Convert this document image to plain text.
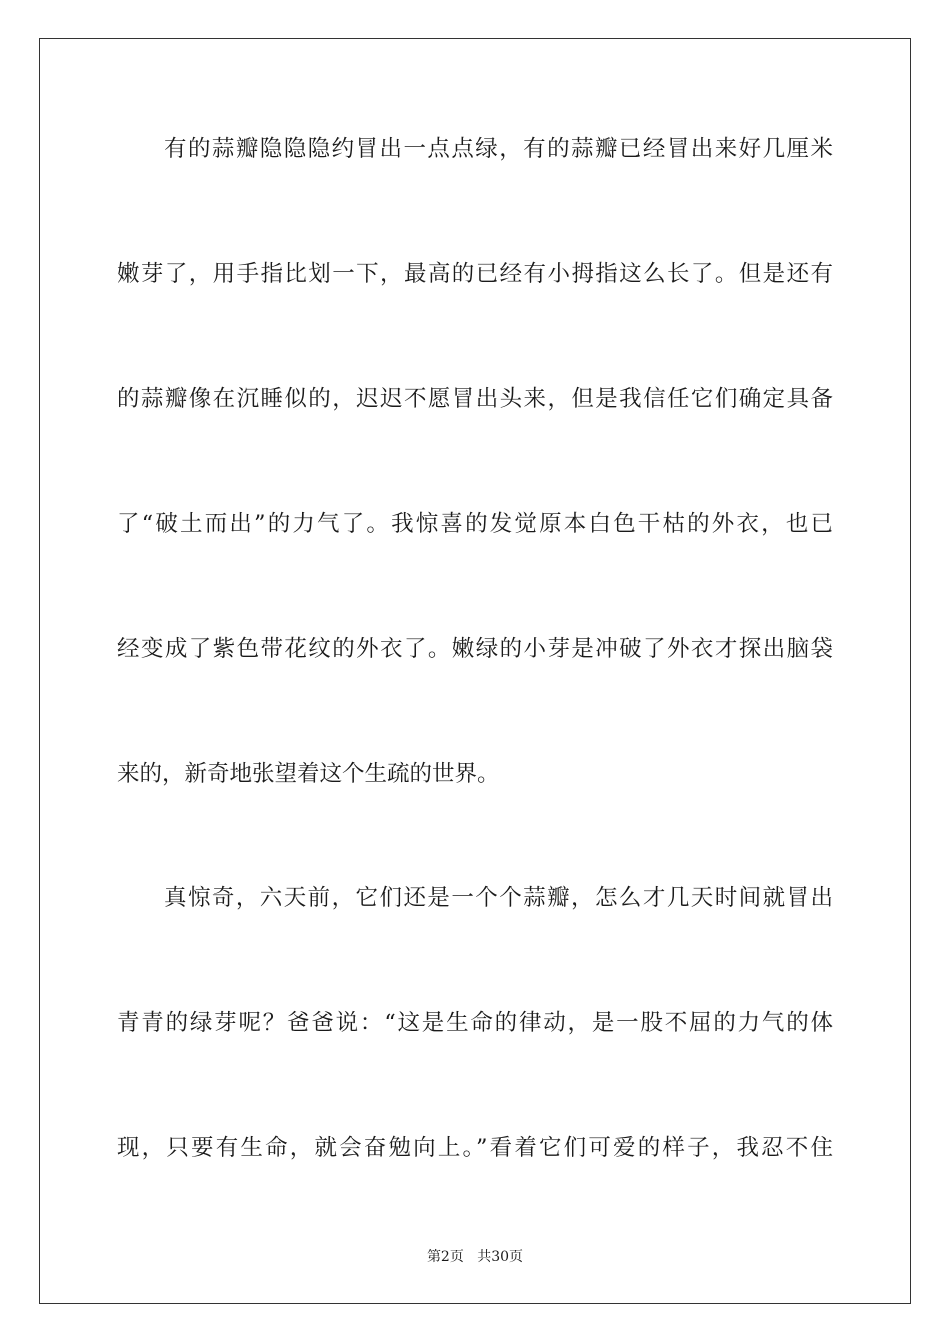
有的蒜瓣隐隐隐约冒出一点点绿，有的蒜瓣已经冒出来好几厘米
嫩芽了，用手指比划一下，最高的已经有小拇指这么长了。但是还有
的蒜瓣像在沉睡似的，迟迟不愿冒出头来，但是我信任它们确定具备
了“破土而出”的力气了。我惊喜的发觉原本白色干枯的外衣，也已
经变成了紫色带花纹的外衣了。嫩绿的小芽是冲破了外衣才探出脑袋
来的，新奇地张望着这个生疏的世界。
真惊奇，六天前，它们还是一个个蒜瓣，怎么才几天时间就冒出
青青的绿芽呢？爸爸说：“这是生命的律动，是一股不屈的力气的体
现，只要有生命，就会奋勉向上。”看着它们可爱的样子，我忍不住
第2页 共30页
